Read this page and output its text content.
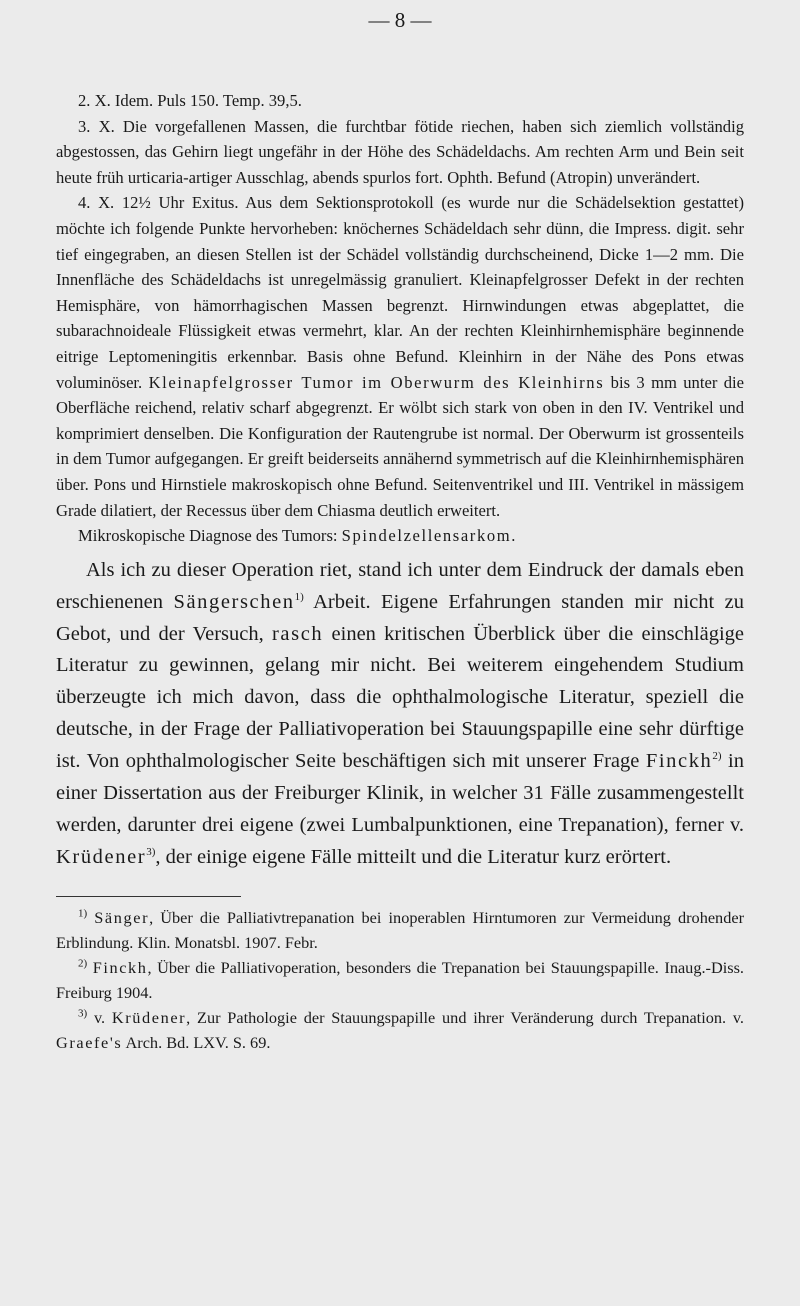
— 8 —

2. X. Idem. Puls 150. Temp. 39,5.

3. X. Die vorgefallenen Massen, die furchtbar fötide riechen, haben sich ziemlich vollständig abgestossen, das Gehirn liegt ungefähr in der Höhe des Schädeldachs. Am rechten Arm und Bein seit heute früh urticaria-artiger Ausschlag, abends spurlos fort. Ophth. Befund (Atropin) unverändert.

4. X. 12½ Uhr Exitus. Aus dem Sektionsprotokoll (es wurde nur die Schädelsektion gestattet) möchte ich folgende Punkte hervorheben: knöchernes Schädeldach sehr dünn, die Impress. digit. sehr tief eingegraben, an diesen Stellen ist der Schädel vollständig durchscheinend, Dicke 1—2 mm. Die Innenfläche des Schädeldachs ist unregelmässig granuliert. Kleinapfelgrosser Defekt in der rechten Hemisphäre, von hämorrhagischen Massen begrenzt. Hirnwindungen etwas abgeplattet, die subarachnoideale Flüssigkeit etwas vermehrt, klar. An der rechten Kleinhirnhemisphäre beginnende eitrige Leptomeningitis erkennbar. Basis ohne Befund. Kleinhirn in der Nähe des Pons etwas voluminöser. Kleinapfelgrosser Tumor im Oberwurm des Kleinhirns bis 3 mm unter die Oberfläche reichend, relativ scharf abgegrenzt. Er wölbt sich stark von oben in den IV. Ventrikel und komprimiert denselben. Die Konfiguration der Rautengrube ist normal. Der Oberwurm ist grossenteils in dem Tumor aufgegangen. Er greift beiderseits annähernd symmetrisch auf die Kleinhirnhemisphären über. Pons und Hirnstiele makroskopisch ohne Befund. Seitenventrikel und III. Ventrikel in mässigem Grade dilatiert, der Recessus über dem Chiasma deutlich erweitert.

Mikroskopische Diagnose des Tumors: Spindelzellensarkom.

Als ich zu dieser Operation riet, stand ich unter dem Eindruck der damals eben erschienenen Sängerschen$^{1)}$ Arbeit. Eigene Erfahrungen standen mir nicht zu Gebot, und der Versuch, rasch einen kritischen Überblick über die einschlägige Literatur zu gewinnen, gelang mir nicht. Bei weiterem eingehendem Studium überzeugte ich mich davon, dass die ophthalmologische Literatur, speziell die deutsche, in der Frage der Palliativoperation bei Stauungspapille eine sehr dürftige ist. Von ophthalmologischer Seite beschäftigen sich mit unserer Frage Finckh$^{2)}$ in einer Dissertation aus der Freiburger Klinik, in welcher 31 Fälle zusammengestellt werden, darunter drei eigene (zwei Lumbalpunktionen, eine Trepanation), ferner v. Krüdener$^{3)}$, der einige eigene Fälle mitteilt und die Literatur kurz erörtert.

$^{1)}$ Sänger, Über die Palliativtrepanation bei inoperablen Hirntumoren zur Vermeidung drohender Erblindung. Klin. Monatsbl. 1907. Febr.

$^{2)}$ Finckh, Über die Palliativoperation, besonders die Trepanation bei Stauungspapille. Inaug.-Diss. Freiburg 1904.

$^{3)}$ v. Krüdener, Zur Pathologie der Stauungspapille und ihrer Veränderung durch Trepanation. v. Graefe's Arch. Bd. LXV. S. 69.
